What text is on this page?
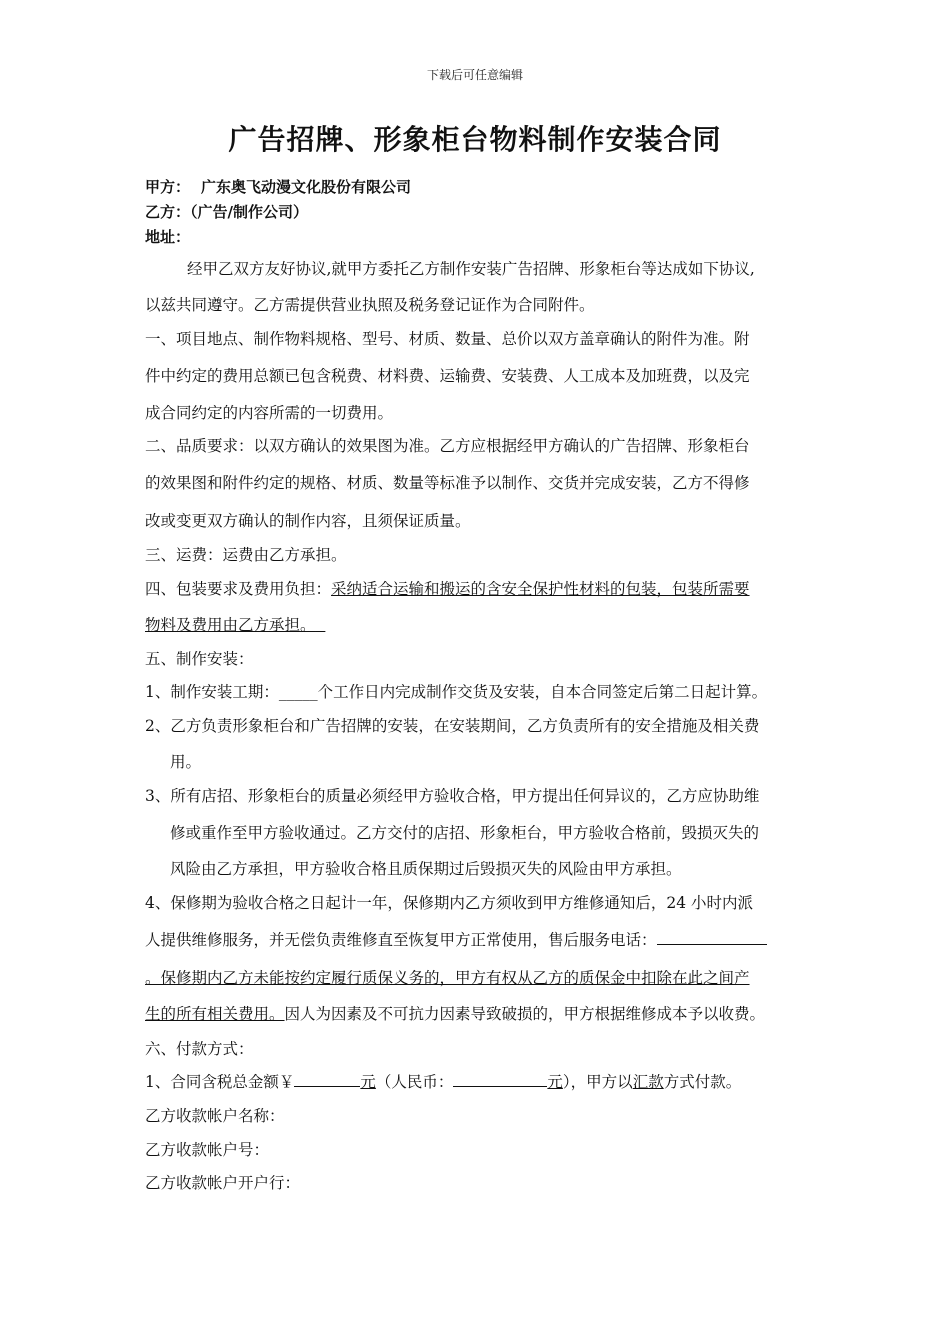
下载后可任意编辑
广告招牌、形象柜台物料制作安装合同
甲方： 广东奥飞动漫文化股份有限公司
乙方：（广告/制作公司）
地址：
经甲乙双方友好协议,就甲方委托乙方制作安装广告招牌、形象柜台等达成如下协议,
以兹共同遵守。乙方需提供营业执照及税务登记证作为合同附件。
一、项目地点、制作物料规格、型号、材质、数量、总价以双方盖章确认的附件为准。附
件中约定的费用总额已包含税费、材料费、运输费、安装费、人工成本及加班费，以及完
成合同约定的内容所需的一切费用。
二、品质要求：以双方确认的效果图为准。乙方应根据经甲方确认的广告招牌、形象柜台
的效果图和附件约定的规格、材质、数量等标准予以制作、交货并完成安装，乙方不得修
改或变更双方确认的制作内容，且须保证质量。
三、运费：运费由乙方承担。
四、包装要求及费用负担：采纳适合运输和搬运的含安全保护性材料的包装，包装所需要
物料及费用由乙方承担。
五、制作安装：
1、制作安装工期：_____个工作日内完成制作交货及安装，自本合同签定后第二日起计算。
2、乙方负责形象柜台和广告招牌的安装，在安装期间，乙方负责所有的安全措施及相关费
用。
3、所有店招、形象柜台的质量必须经甲方验收合格，甲方提出任何异议的，乙方应协助维
修或重作至甲方验收通过。乙方交付的店招、形象柜台，甲方验收合格前，毁损灭失的
风险由乙方承担，甲方验收合格且质保期过后毁损灭失的风险由甲方承担。
4、保修期为验收合格之日起计一年，保修期内乙方须收到甲方维修通知后，24 小时内派
人提供维修服务，并无偿负责维修直至恢复甲方正常使用，售后服务电话：
。保修期内乙方未能按约定履行质保义务的，甲方有权从乙方的质保金中扣除在此之间产
生的所有相关费用。因人为因素及不可抗力因素导致破损的，甲方根据维修成本予以收费。
六、付款方式：
1、合同含税总金额￥	元（人民币：	元），甲方以汇款方式付款。
乙方收款帐户名称：
乙方收款帐户号：
乙方收款帐户开户行：
